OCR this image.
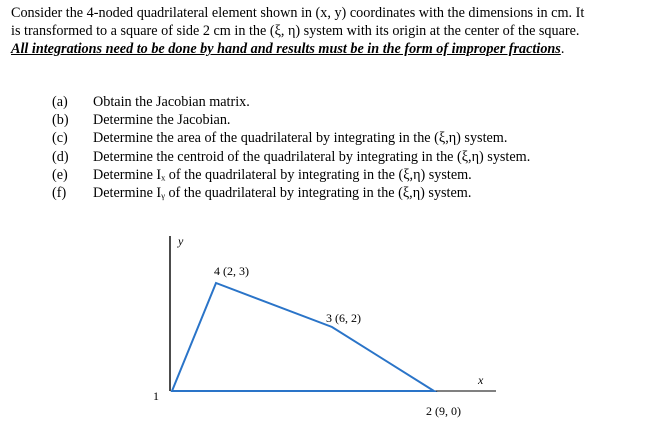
Consider the 4-noded quadrilateral element shown in (x, y) coordinates with the dimensions in cm. It

is transformed to a square of side 2 cm in the (ξ, η) system with its origin at the center of the square.

All integrations need to be done by hand and results must be in the form of improper fractions.

(a)	Obtain the Jacobian matrix.
(b)	Determine the Jacobian.
(c)	Determine the area of the quadrilateral by integrating in the (ξ,η) system.
(d)	Determine the centroid of the quadrilateral by integrating in the (ξ,η) system.
(e)	Determine Iₓ of the quadrilateral by integrating in the (ξ,η) system.
(f)	Determine Iᵧ of the quadrilateral by integrating in the (ξ,η) system.
y
x
4 (2, 3)
3 (6, 2)
2 (9, 0)
1
